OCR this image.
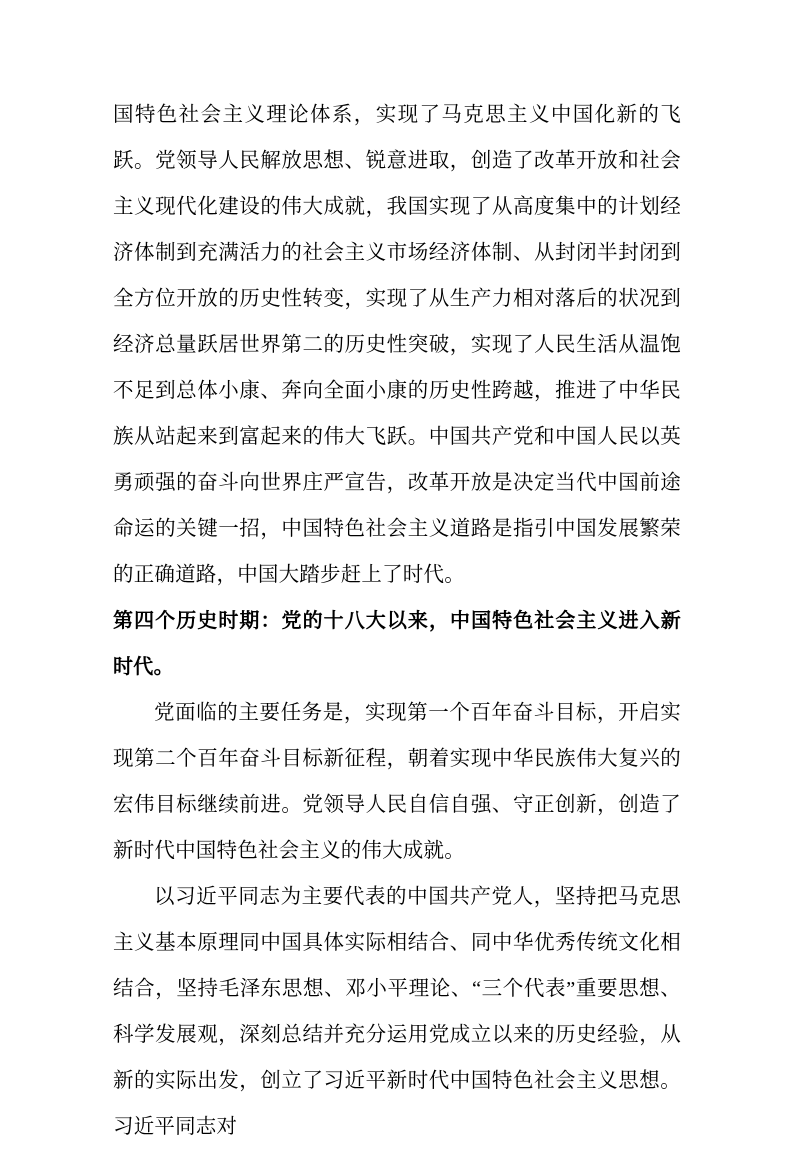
国特色社会主义理论体系，实现了马克思主义中国化新的飞跃。党领导人民解放思想、锐意进取，创造了改革开放和社会主义现代化建设的伟大成就，我国实现了从高度集中的计划经济体制到充满活力的社会主义市场经济体制、从封闭半封闭到全方位开放的历史性转变，实现了从生产力相对落后的状况到经济总量跃居世界第二的历史性突破，实现了人民生活从温饱不足到总体小康、奔向全面小康的历史性跨越，推进了中华民族从站起来到富起来的伟大飞跃。中国共产党和中国人民以英勇顽强的奋斗向世界庄严宣告，改革开放是决定当代中国前途命运的关键一招，中国特色社会主义道路是指引中国发展繁荣的正确道路，中国大踏步赶上了时代。

第四个历史时期：党的十八大以来，中国特色社会主义进入新时代。

党面临的主要任务是，实现第一个百年奋斗目标，开启实现第二个百年奋斗目标新征程，朝着实现中华民族伟大复兴的宏伟目标继续前进。党领导人民自信自强、守正创新，创造了新时代中国特色社会主义的伟大成就。

以习近平同志为主要代表的中国共产党人，坚持把马克思主义基本原理同中国具体实际相结合、同中华优秀传统文化相结合，坚持毛泽东思想、邓小平理论、“三个代表”重要思想、科学发展观，深刻总结并充分运用党成立以来的历史经验，从新的实际出发，创立了习近平新时代中国特色社会主义思想。习近平同志对
